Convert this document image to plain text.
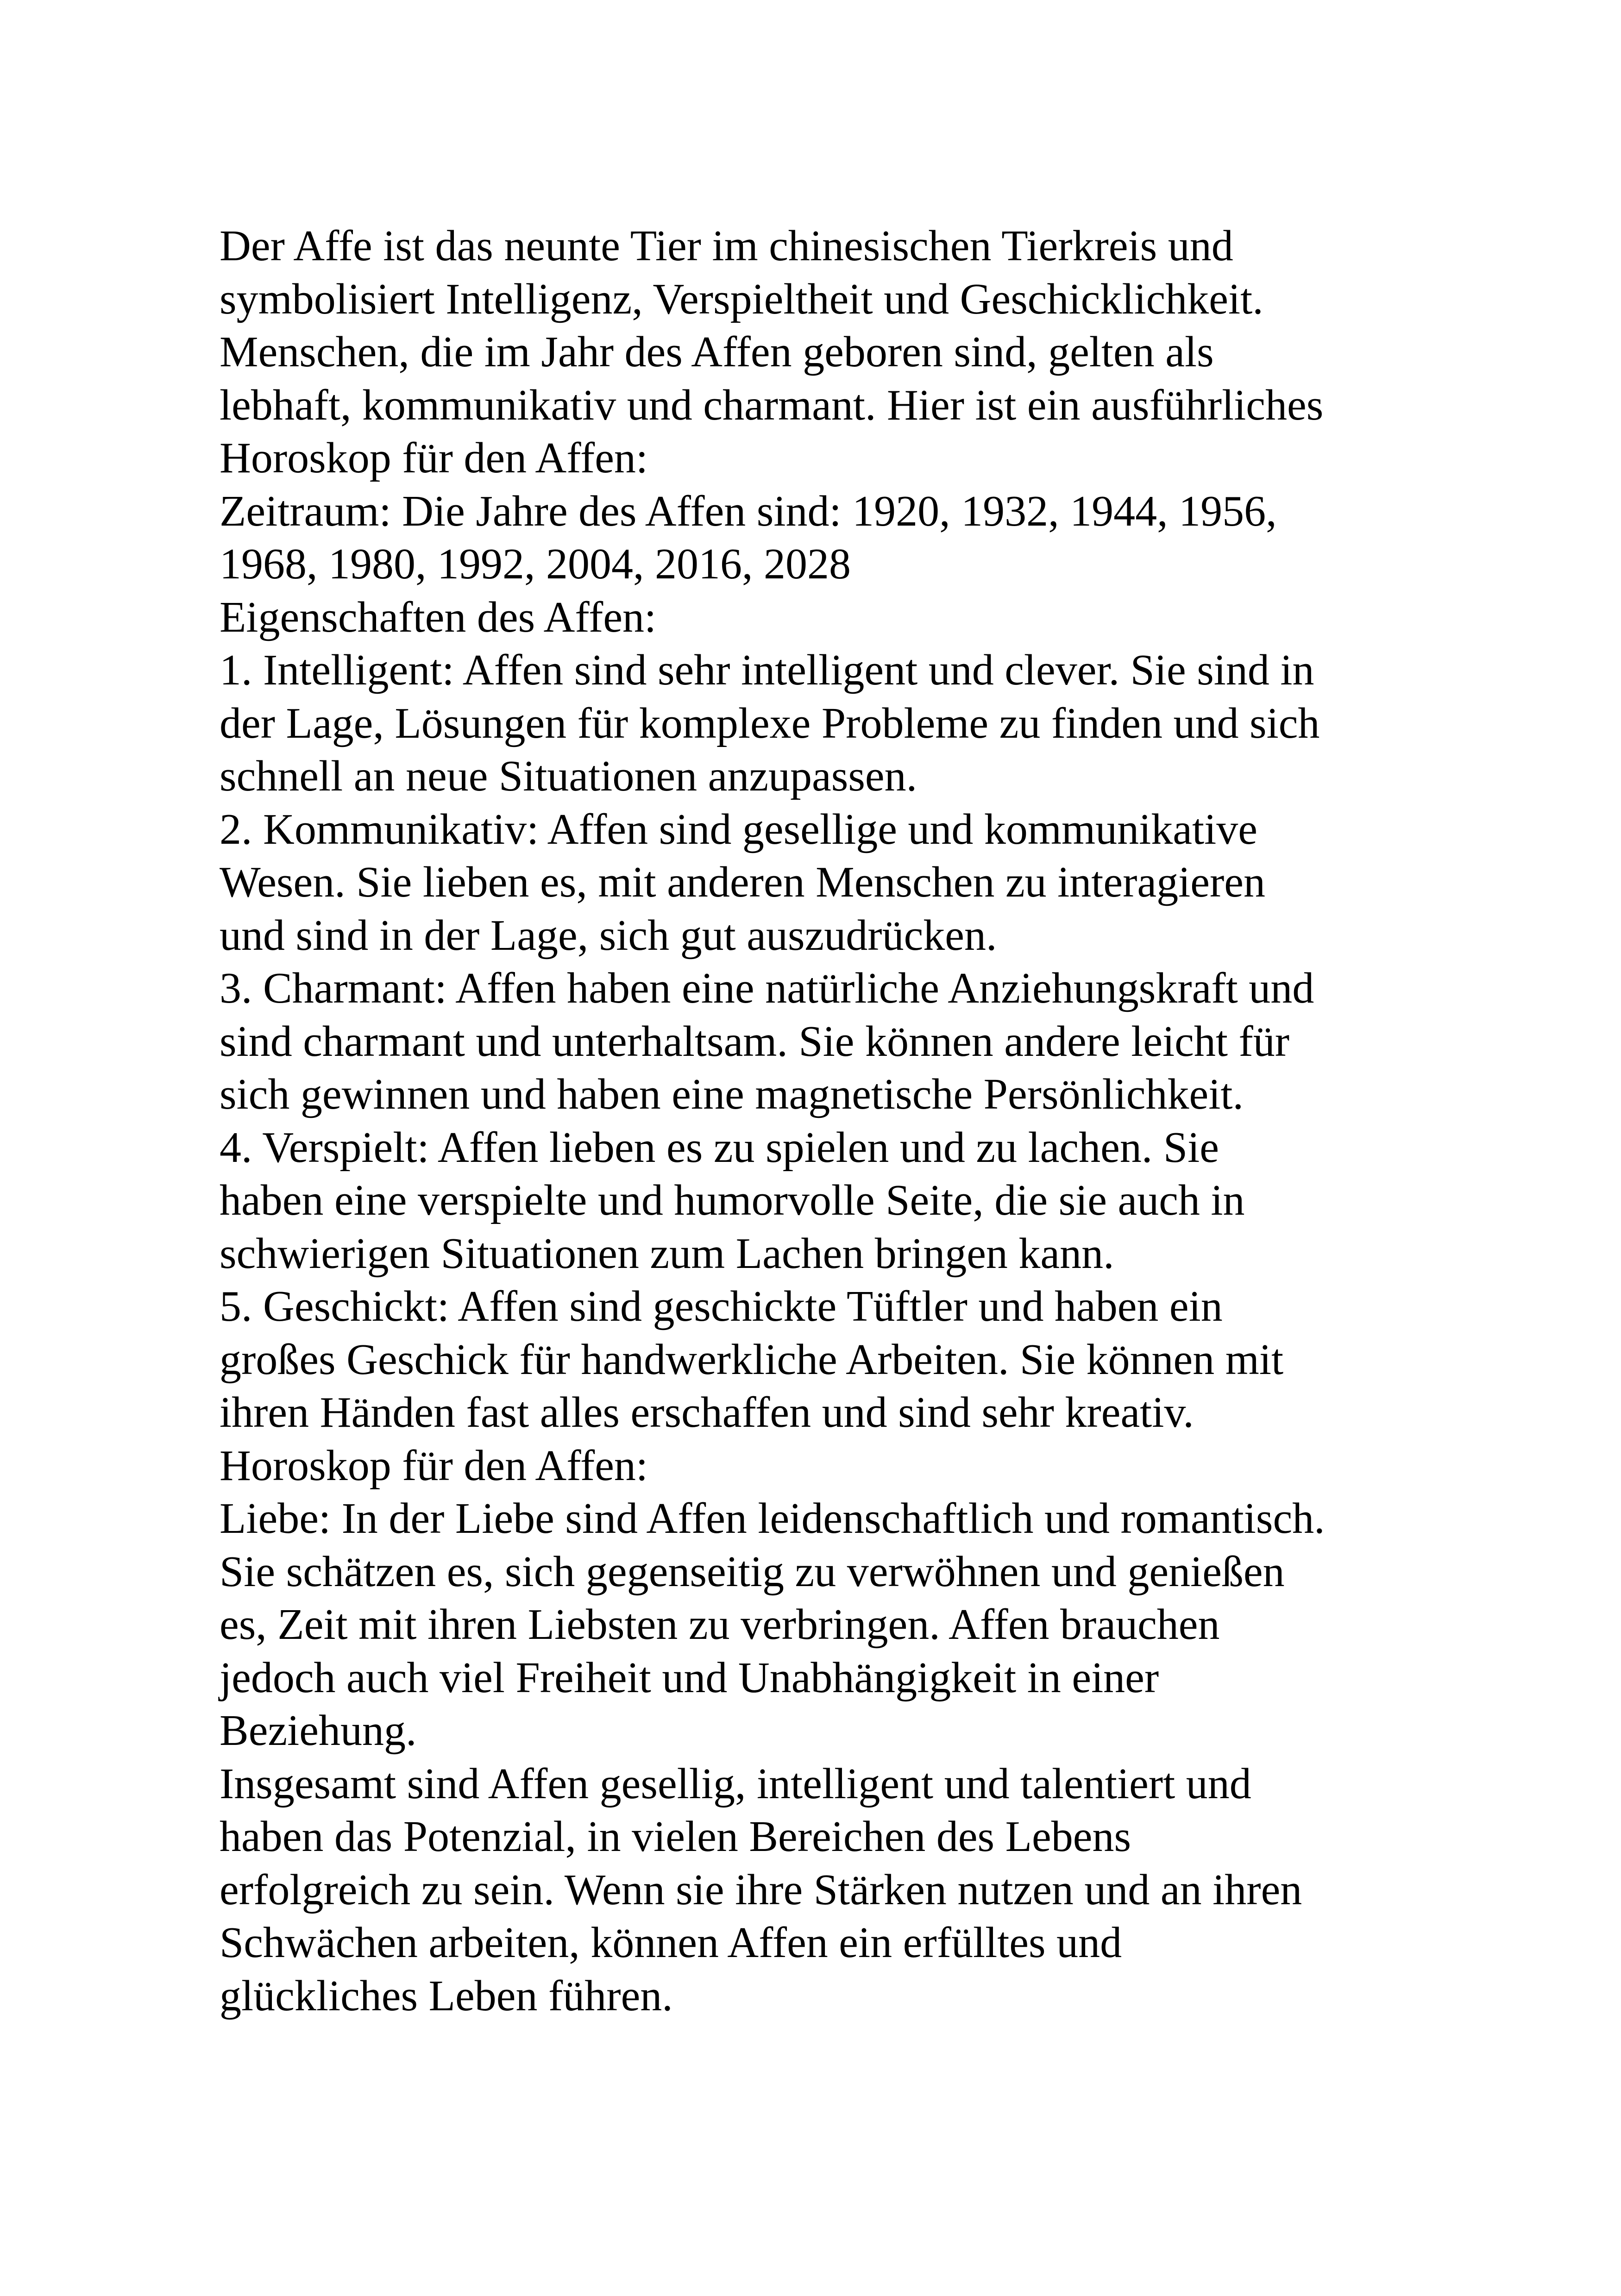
Der Affe ist das neunte Tier im chinesischen Tierkreis und
symbolisiert Intelligenz, Verspieltheit und Geschicklichkeit.
Menschen, die im Jahr des Affen geboren sind, gelten als
lebhaft, kommunikativ und charmant. Hier ist ein ausführliches
Horoskop für den Affen:
Zeitraum: Die Jahre des Affen sind: 1920, 1932, 1944, 1956,
1968, 1980, 1992, 2004, 2016, 2028
Eigenschaften des Affen:
1. Intelligent: Affen sind sehr intelligent und clever. Sie sind in
der Lage, Lösungen für komplexe Probleme zu finden und sich
schnell an neue Situationen anzupassen.
2. Kommunikativ: Affen sind gesellige und kommunikative
Wesen. Sie lieben es, mit anderen Menschen zu interagieren
und sind in der Lage, sich gut auszudrücken.
3. Charmant: Affen haben eine natürliche Anziehungskraft und
sind charmant und unterhaltsam. Sie können andere leicht für
sich gewinnen und haben eine magnetische Persönlichkeit.
4. Verspielt: Affen lieben es zu spielen und zu lachen. Sie
haben eine verspielte und humorvolle Seite, die sie auch in
schwierigen Situationen zum Lachen bringen kann.
5. Geschickt: Affen sind geschickte Tüftler und haben ein
großes Geschick für handwerkliche Arbeiten. Sie können mit
ihren Händen fast alles erschaffen und sind sehr kreativ.
Horoskop für den Affen:
Liebe: In der Liebe sind Affen leidenschaftlich und romantisch.
Sie schätzen es, sich gegenseitig zu verwöhnen und genießen
es, Zeit mit ihren Liebsten zu verbringen. Affen brauchen
jedoch auch viel Freiheit und Unabhängigkeit in einer
Beziehung.
Insgesamt sind Affen gesellig, intelligent und talentiert und
haben das Potenzial, in vielen Bereichen des Lebens
erfolgreich zu sein. Wenn sie ihre Stärken nutzen und an ihren
Schwächen arbeiten, können Affen ein erfülltes und
glückliches Leben führen.
